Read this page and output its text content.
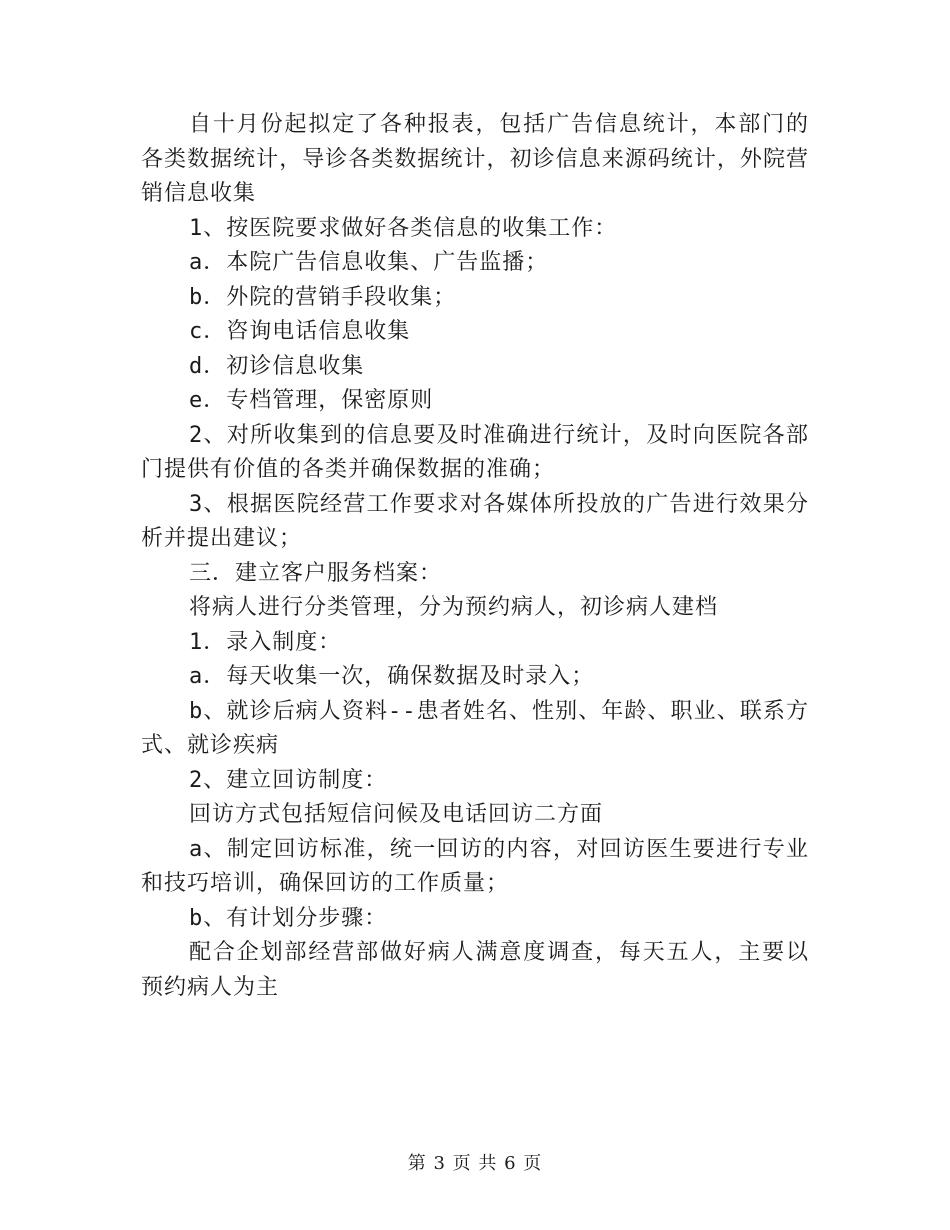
自十月份起拟定了各种报表，包括广告信息统计，本部门的各类数据统计，导诊各类数据统计，初诊信息来源码统计，外院营销信息收集

1、按医院要求做好各类信息的收集工作：

a．本院广告信息收集、广告监播；

b．外院的营销手段收集；

c．咨询电话信息收集

d．初诊信息收集

e．专档管理，保密原则

2、对所收集到的信息要及时准确进行统计，及时向医院各部门提供有价值的各类并确保数据的准确；

3、根据医院经营工作要求对各媒体所投放的广告进行效果分析并提出建议；

三．建立客户服务档案：

将病人进行分类管理，分为预约病人，初诊病人建档

1．录入制度：

a．每天收集一次，确保数据及时录入；

b、就诊后病人资料--患者姓名、性别、年龄、职业、联系方式、就诊疾病

2、建立回访制度：

回访方式包括短信问候及电话回访二方面

a、制定回访标准，统一回访的内容，对回访医生要进行专业和技巧培训，确保回访的工作质量；

b、有计划分步骤：

配合企划部经营部做好病人满意度调查，每天五人，主要以预约病人为主

第 3 页 共 6 页
